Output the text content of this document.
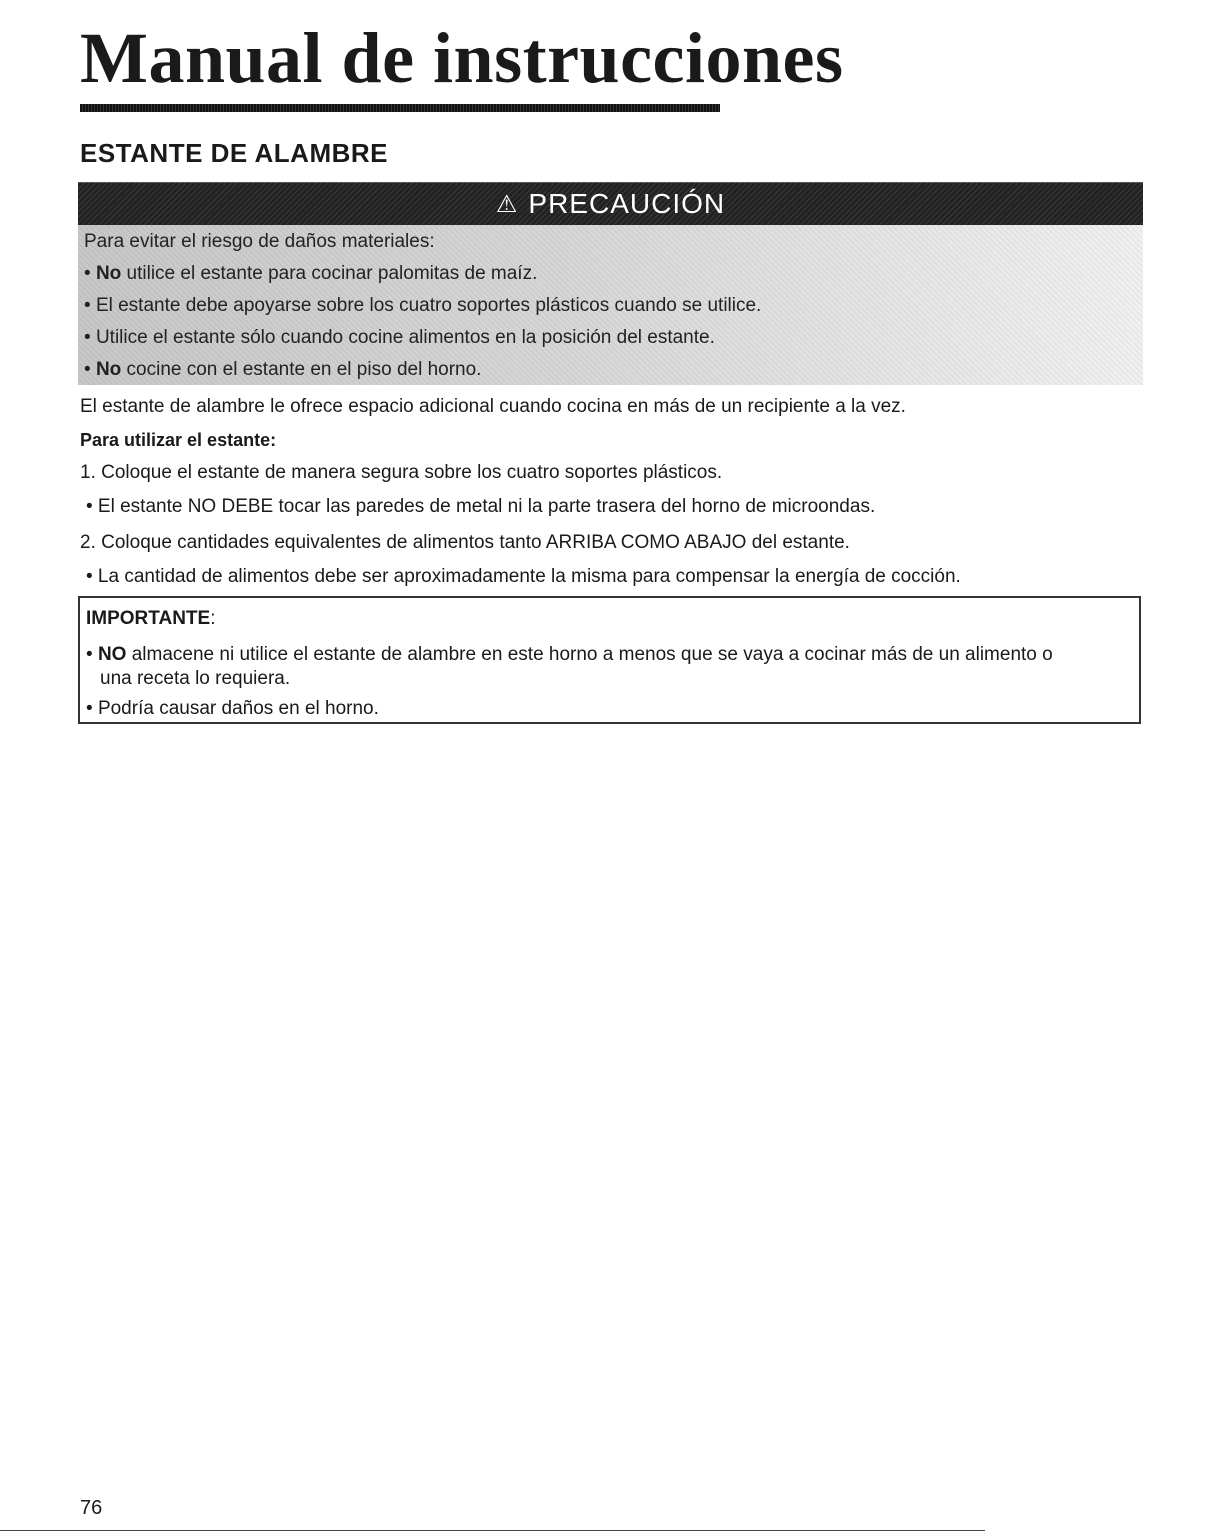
Manual de instrucciones
ESTANTE DE ALAMBRE
⚠ PRECAUCIÓN
Para evitar el riesgo de daños materiales:
• No utilice el estante para cocinar palomitas de maíz.
• El estante debe apoyarse sobre los cuatro soportes plásticos cuando se utilice.
• Utilice el estante sólo cuando cocine alimentos en la posición del estante.
• No cocine con el estante en el piso del horno.

El estante de alambre le ofrece espacio adicional cuando cocina en más de un recipiente a la vez.

Para utilizar el estante:

1. Coloque el estante de manera segura sobre los cuatro soportes plásticos.

• El estante NO DEBE tocar las paredes de metal ni la parte trasera del horno de microondas.

2. Coloque cantidades equivalentes de alimentos tanto ARRIBA COMO ABAJO del estante.

• La cantidad de alimentos debe ser aproximadamente la misma para compensar la energía de cocción.

IMPORTANTE:
• NO almacene ni utilice el estante de alambre en este horno a menos que se vaya a cocinar más de un alimento o
una receta lo requiera.
• Podría causar daños en el horno.
76
